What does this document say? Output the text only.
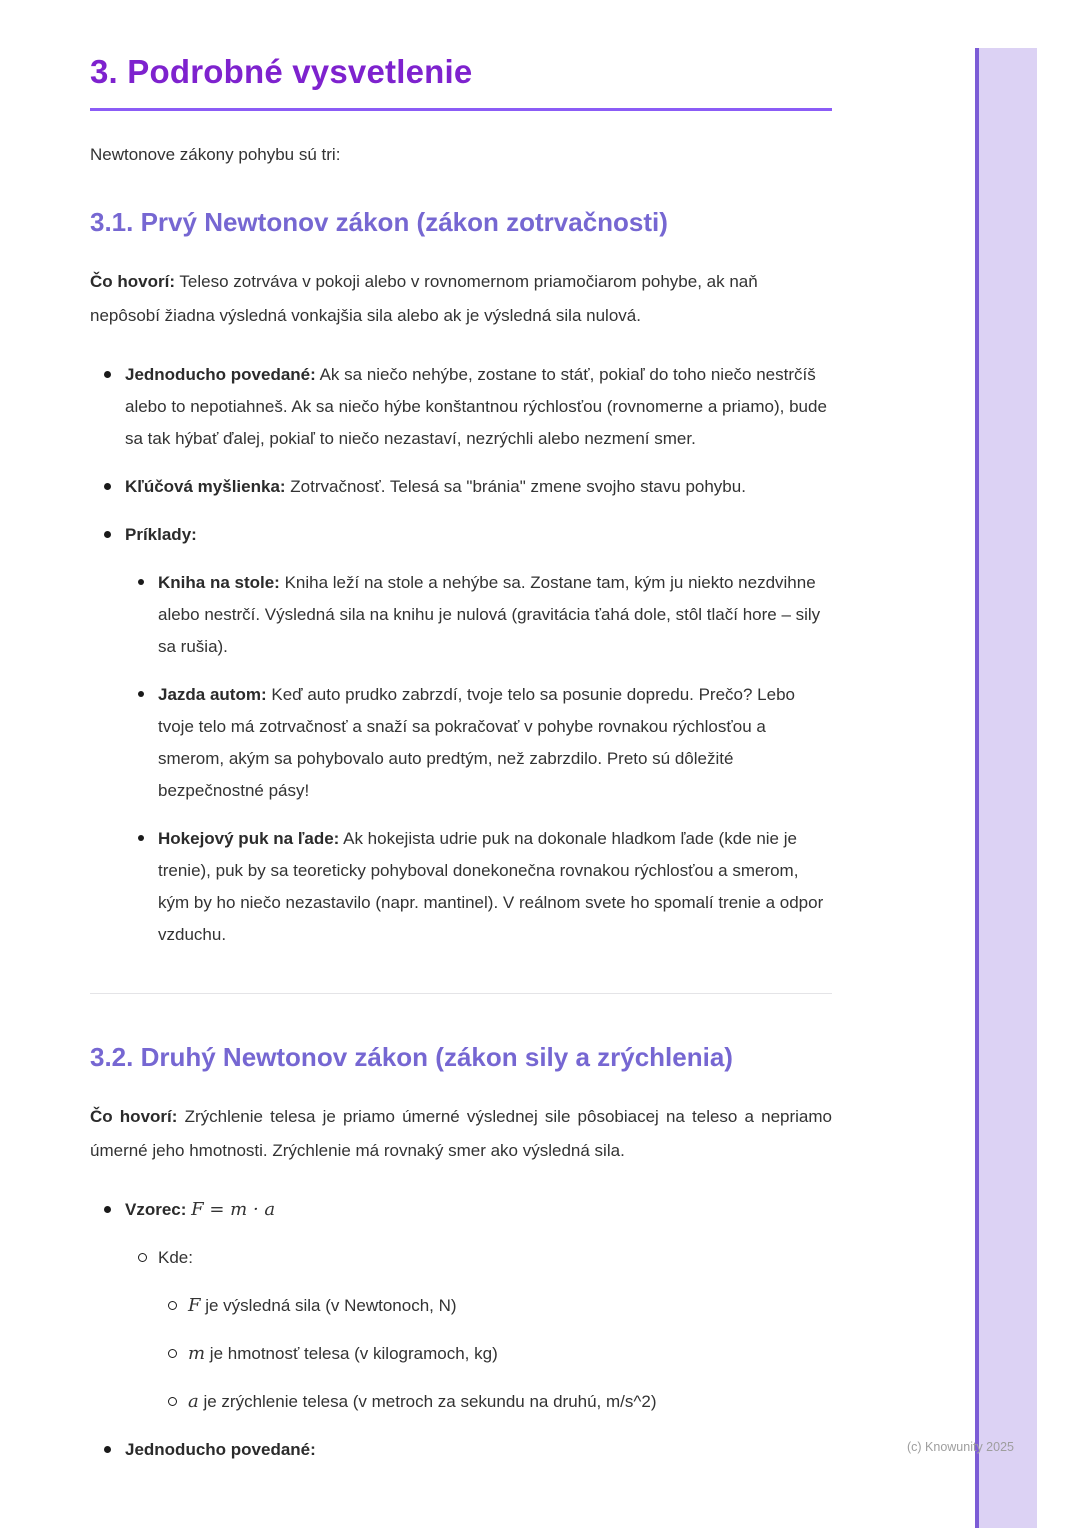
3. Podrobné vysvetlenie

Newtonove zákony pohybu sú tri:

3.1. Prvý Newtonov zákon (zákon zotrvačnosti)

Čo hovorí: Teleso zotrváva v pokoji alebo v rovnomernom priamočiarom pohybe, ak naň nepôsobí žiadna výsledná vonkajšia sila alebo ak je výsledná sila nulová.

Jednoducho povedané: Ak sa niečo nehýbe, zostane to stáť, pokiaľ do toho niečo nestrčíš alebo to nepotiahneš. Ak sa niečo hýbe konštantnou rýchlosťou (rovnomerne a priamo), bude sa tak hýbať ďalej, pokiaľ to niečo nezastaví, nezrýchli alebo nezmení smer.
Kľúčová myšlienka: Zotrvačnosť. Telesá sa "bránia" zmene svojho stavu pohybu.
Príklady:
Kniha na stole: Kniha leží na stole a nehýbe sa. Zostane tam, kým ju niekto nezdvihne alebo nestrčí. Výsledná sila na knihu je nulová (gravitácia ťahá dole, stôl tlačí hore – sily sa rušia).
Jazda autom: Keď auto prudko zabrzdí, tvoje telo sa posunie dopredu. Prečo? Lebo tvoje telo má zotrvačnosť a snaží sa pokračovať v pohybe rovnakou rýchlosťou a smerom, akým sa pohybovalo auto predtým, než zabrzdilo. Preto sú dôležité bezpečnostné pásy!
Hokejový puk na ľade: Ak hokejista udrie puk na dokonale hladkom ľade (kde nie je trenie), puk by sa teoreticky pohyboval donekonečna rovnakou rýchlosťou a smerom, kým by ho niečo nezastavilo (napr. mantinel). V reálnom svete ho spomalí trenie a odpor vzduchu.
3.2. Druhý Newtonov zákon (zákon sily a zrýchlenia)

Čo hovorí: Zrýchlenie telesa je priamo úmerné výslednej sile pôsobiacej na teleso a nepriamo úmerné jeho hmotnosti. Zrýchlenie má rovnaký smer ako výsledná sila.

Vzorec: F = m · a
Kde:
F je výsledná sila (v Newtonoch, N)
m je hmotnosť telesa (v kilogramoch, kg)
a je zrýchlenie telesa (v metroch za sekundu na druhú, m/s^2)
Jednoducho povedané:	(c) Knowunity 2025
